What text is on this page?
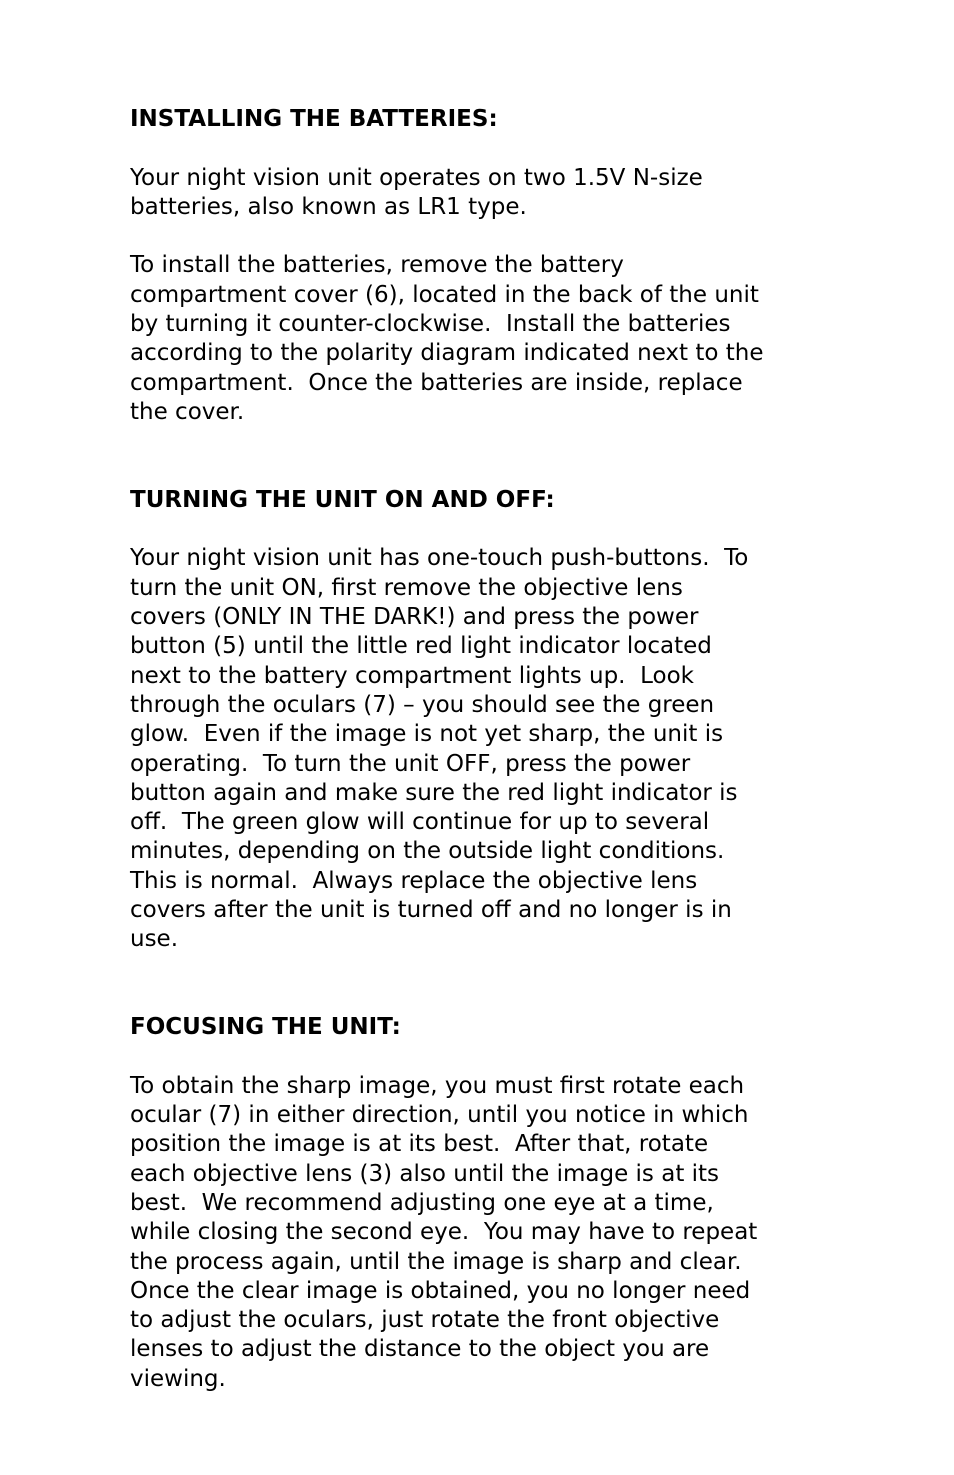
INSTALLING THE BATTERIES:
Your night vision unit operates on two 1.5V N-size
batteries, also known as LR1 type.
To install the batteries, remove the battery
compartment cover (6), located in the back of the unit
by turning it counter-clockwise.  Install the batteries
according to the polarity diagram indicated next to the
compartment.  Once the batteries are inside, replace
the cover.
TURNING THE UNIT ON AND OFF:
Your night vision unit has one-touch push-buttons.  To
turn the unit ON, first remove the objective lens
covers (ONLY IN THE DARK!) and press the power
button (5) until the little red light indicator located
next to the battery compartment lights up.  Look
through the oculars (7) – you should see the green
glow.  Even if the image is not yet sharp, the unit is
operating.  To turn the unit OFF, press the power
button again and make sure the red light indicator is
off.  The green glow will continue for up to several
minutes, depending on the outside light conditions.
This is normal.  Always replace the objective lens
covers after the unit is turned off and no longer is in
use.
FOCUSING THE UNIT:
To obtain the sharp image, you must first rotate each
ocular (7) in either direction, until you notice in which
position the image is at its best.  After that, rotate
each objective lens (3) also until the image is at its
best.  We recommend adjusting one eye at a time,
while closing the second eye.  You may have to repeat
the process again, until the image is sharp and clear.
Once the clear image is obtained, you no longer need
to adjust the oculars, just rotate the front objective
lenses to adjust the distance to the object you are
viewing.
